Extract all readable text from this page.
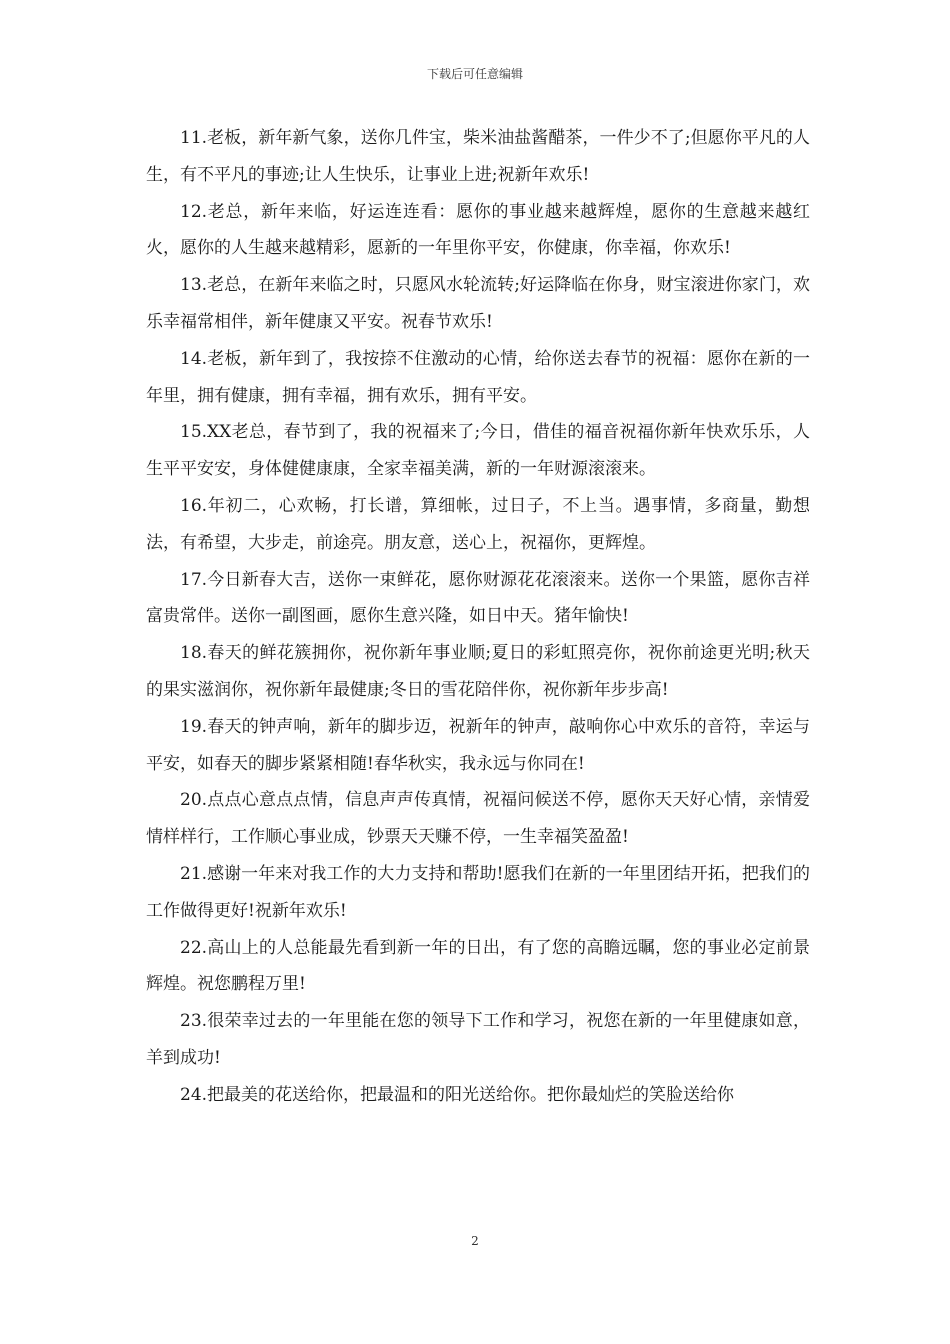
下载后可任意编辑

11.老板，新年新气象，送你几件宝，柴米油盐酱醋茶，一件少不了;但愿你平凡的人生，有不平凡的事迹;让人生快乐，让事业上进;祝新年欢乐!

12.老总，新年来临，好运连连看：愿你的事业越来越辉煌，愿你的生意越来越红火，愿你的人生越来越精彩，愿新的一年里你平安，你健康，你幸福，你欢乐!

13.老总，在新年来临之时，只愿风水轮流转;好运降临在你身，财宝滚进你家门，欢乐幸福常相伴，新年健康又平安。祝春节欢乐!

14.老板，新年到了，我按捺不住激动的心情，给你送去春节的祝福：愿你在新的一年里，拥有健康，拥有幸福，拥有欢乐，拥有平安。

15.XX老总，春节到了，我的祝福来了;今日，借佳的福音祝福你新年快欢乐乐，人生平平安安，身体健健康康，全家幸福美满，新的一年财源滚滚来。

16.年初二，心欢畅，打长谱，算细帐，过日子，不上当。遇事情，多商量，勤想法，有希望，大步走，前途亮。朋友意，送心上，祝福你，更辉煌。

17.今日新春大吉，送你一束鲜花，愿你财源花花滚滚来。送你一个果篮，愿你吉祥富贵常伴。送你一副图画，愿你生意兴隆，如日中天。猪年愉快!

18.春天的鲜花簇拥你，祝你新年事业顺;夏日的彩虹照亮你，祝你前途更光明;秋天的果实滋润你，祝你新年最健康;冬日的雪花陪伴你，祝你新年步步高!

19.春天的钟声响，新年的脚步迈，祝新年的钟声，敲响你心中欢乐的音符，幸运与平安，如春天的脚步紧紧相随!春华秋实，我永远与你同在!

20.点点心意点点情，信息声声传真情，祝福问候送不停，愿你天天好心情，亲情爱情样样行，工作顺心事业成，钞票天天赚不停，一生幸福笑盈盈!

21.感谢一年来对我工作的大力支持和帮助!愿我们在新的一年里团结开拓，把我们的工作做得更好!祝新年欢乐!

22.高山上的人总能最先看到新一年的日出，有了您的高瞻远瞩，您的事业必定前景辉煌。祝您鹏程万里!

23.很荣幸过去的一年里能在您的领导下工作和学习，祝您在新的一年里健康如意，羊到成功!

24.把最美的花送给你，把最温和的阳光送给你。把你最灿烂的笑脸送给你

2
